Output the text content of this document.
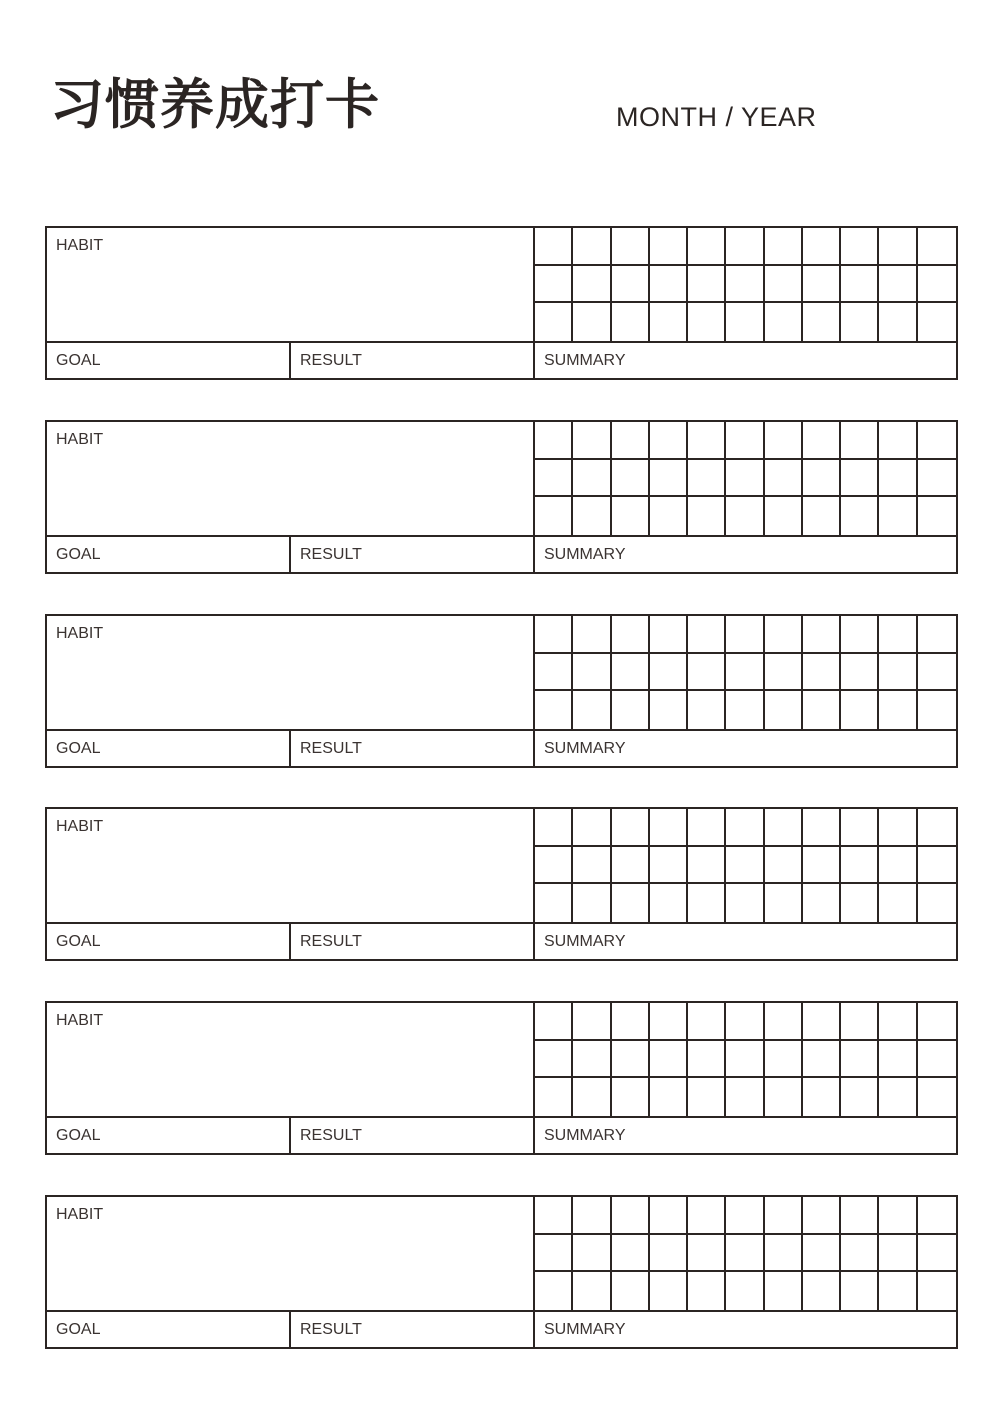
习惯养成打卡	MONTH / YEAR
HABIT
GOAL	RESULT	SUMMARY
HABIT
GOAL	RESULT	SUMMARY
HABIT
GOAL	RESULT	SUMMARY
HABIT
GOAL	RESULT	SUMMARY
HABIT
GOAL	RESULT	SUMMARY
HABIT
GOAL	RESULT	SUMMARY
